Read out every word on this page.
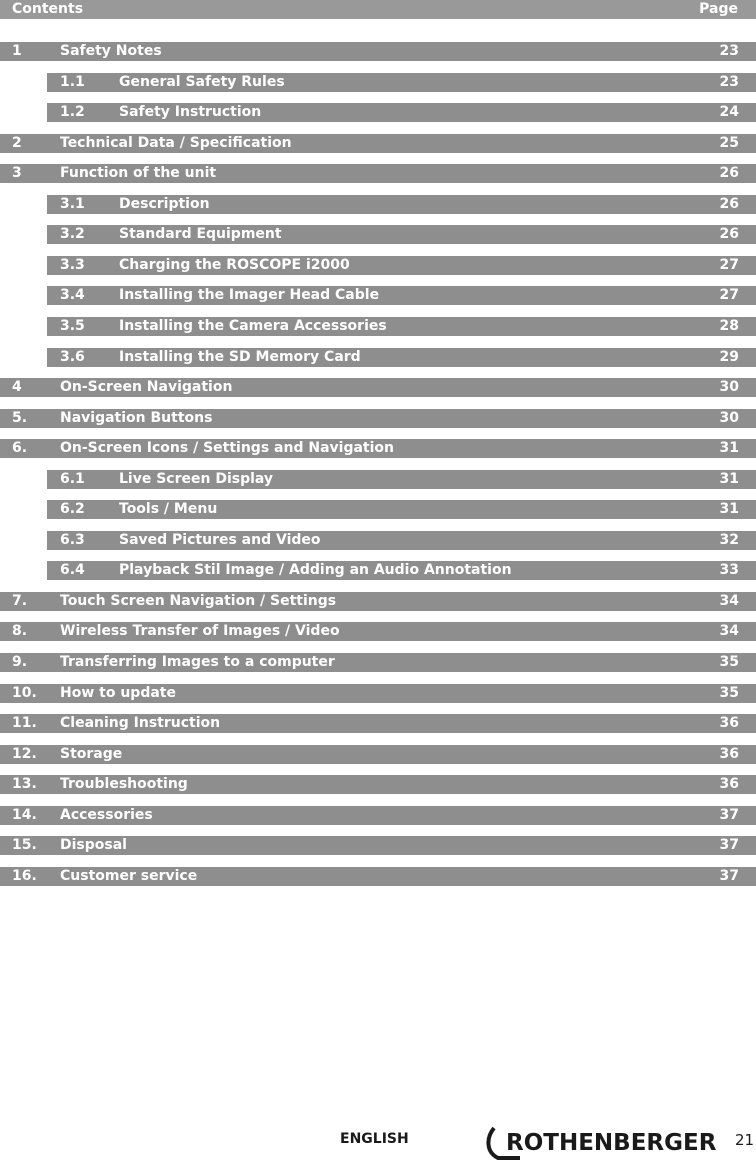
Contents	Page
1	Safety Notes	23
1.1 General Safety Rules	23
1.2 Safety Instruction	24
2	Technical Data / Specification	25
3	Function of the unit	26
3.1 Description	26
3.2 Standard Equipment	26
3.3 Charging the ROSCOPE i2000	27
3.4 Installing the Imager Head Cable	27
3.5 Installing the Camera Accessories	28
3.6 Installing the SD Memory Card	29
4	On-Screen Navigation	30
5. Navigation Buttons	30
6. On-Screen Icons / Settings and Navigation	31
6.1 Live Screen Display	31
6.2 Tools / Menu	31
6.3 Saved Pictures and Video	32
6.4 Playback Stil Image / Adding an Audio Annotation	33
7. Touch Screen Navigation / Settings	34
8. Wireless Transfer of Images / Video	34
9. Transferring Images to a computer	35
10. How to update	35
11. Cleaning Instruction	36
12. Storage	36
13. Troubleshooting	36
14. Accessories	37
15. Disposal	37
16. Customer service	37
ENGLISH	ROTHENBERGER 21
